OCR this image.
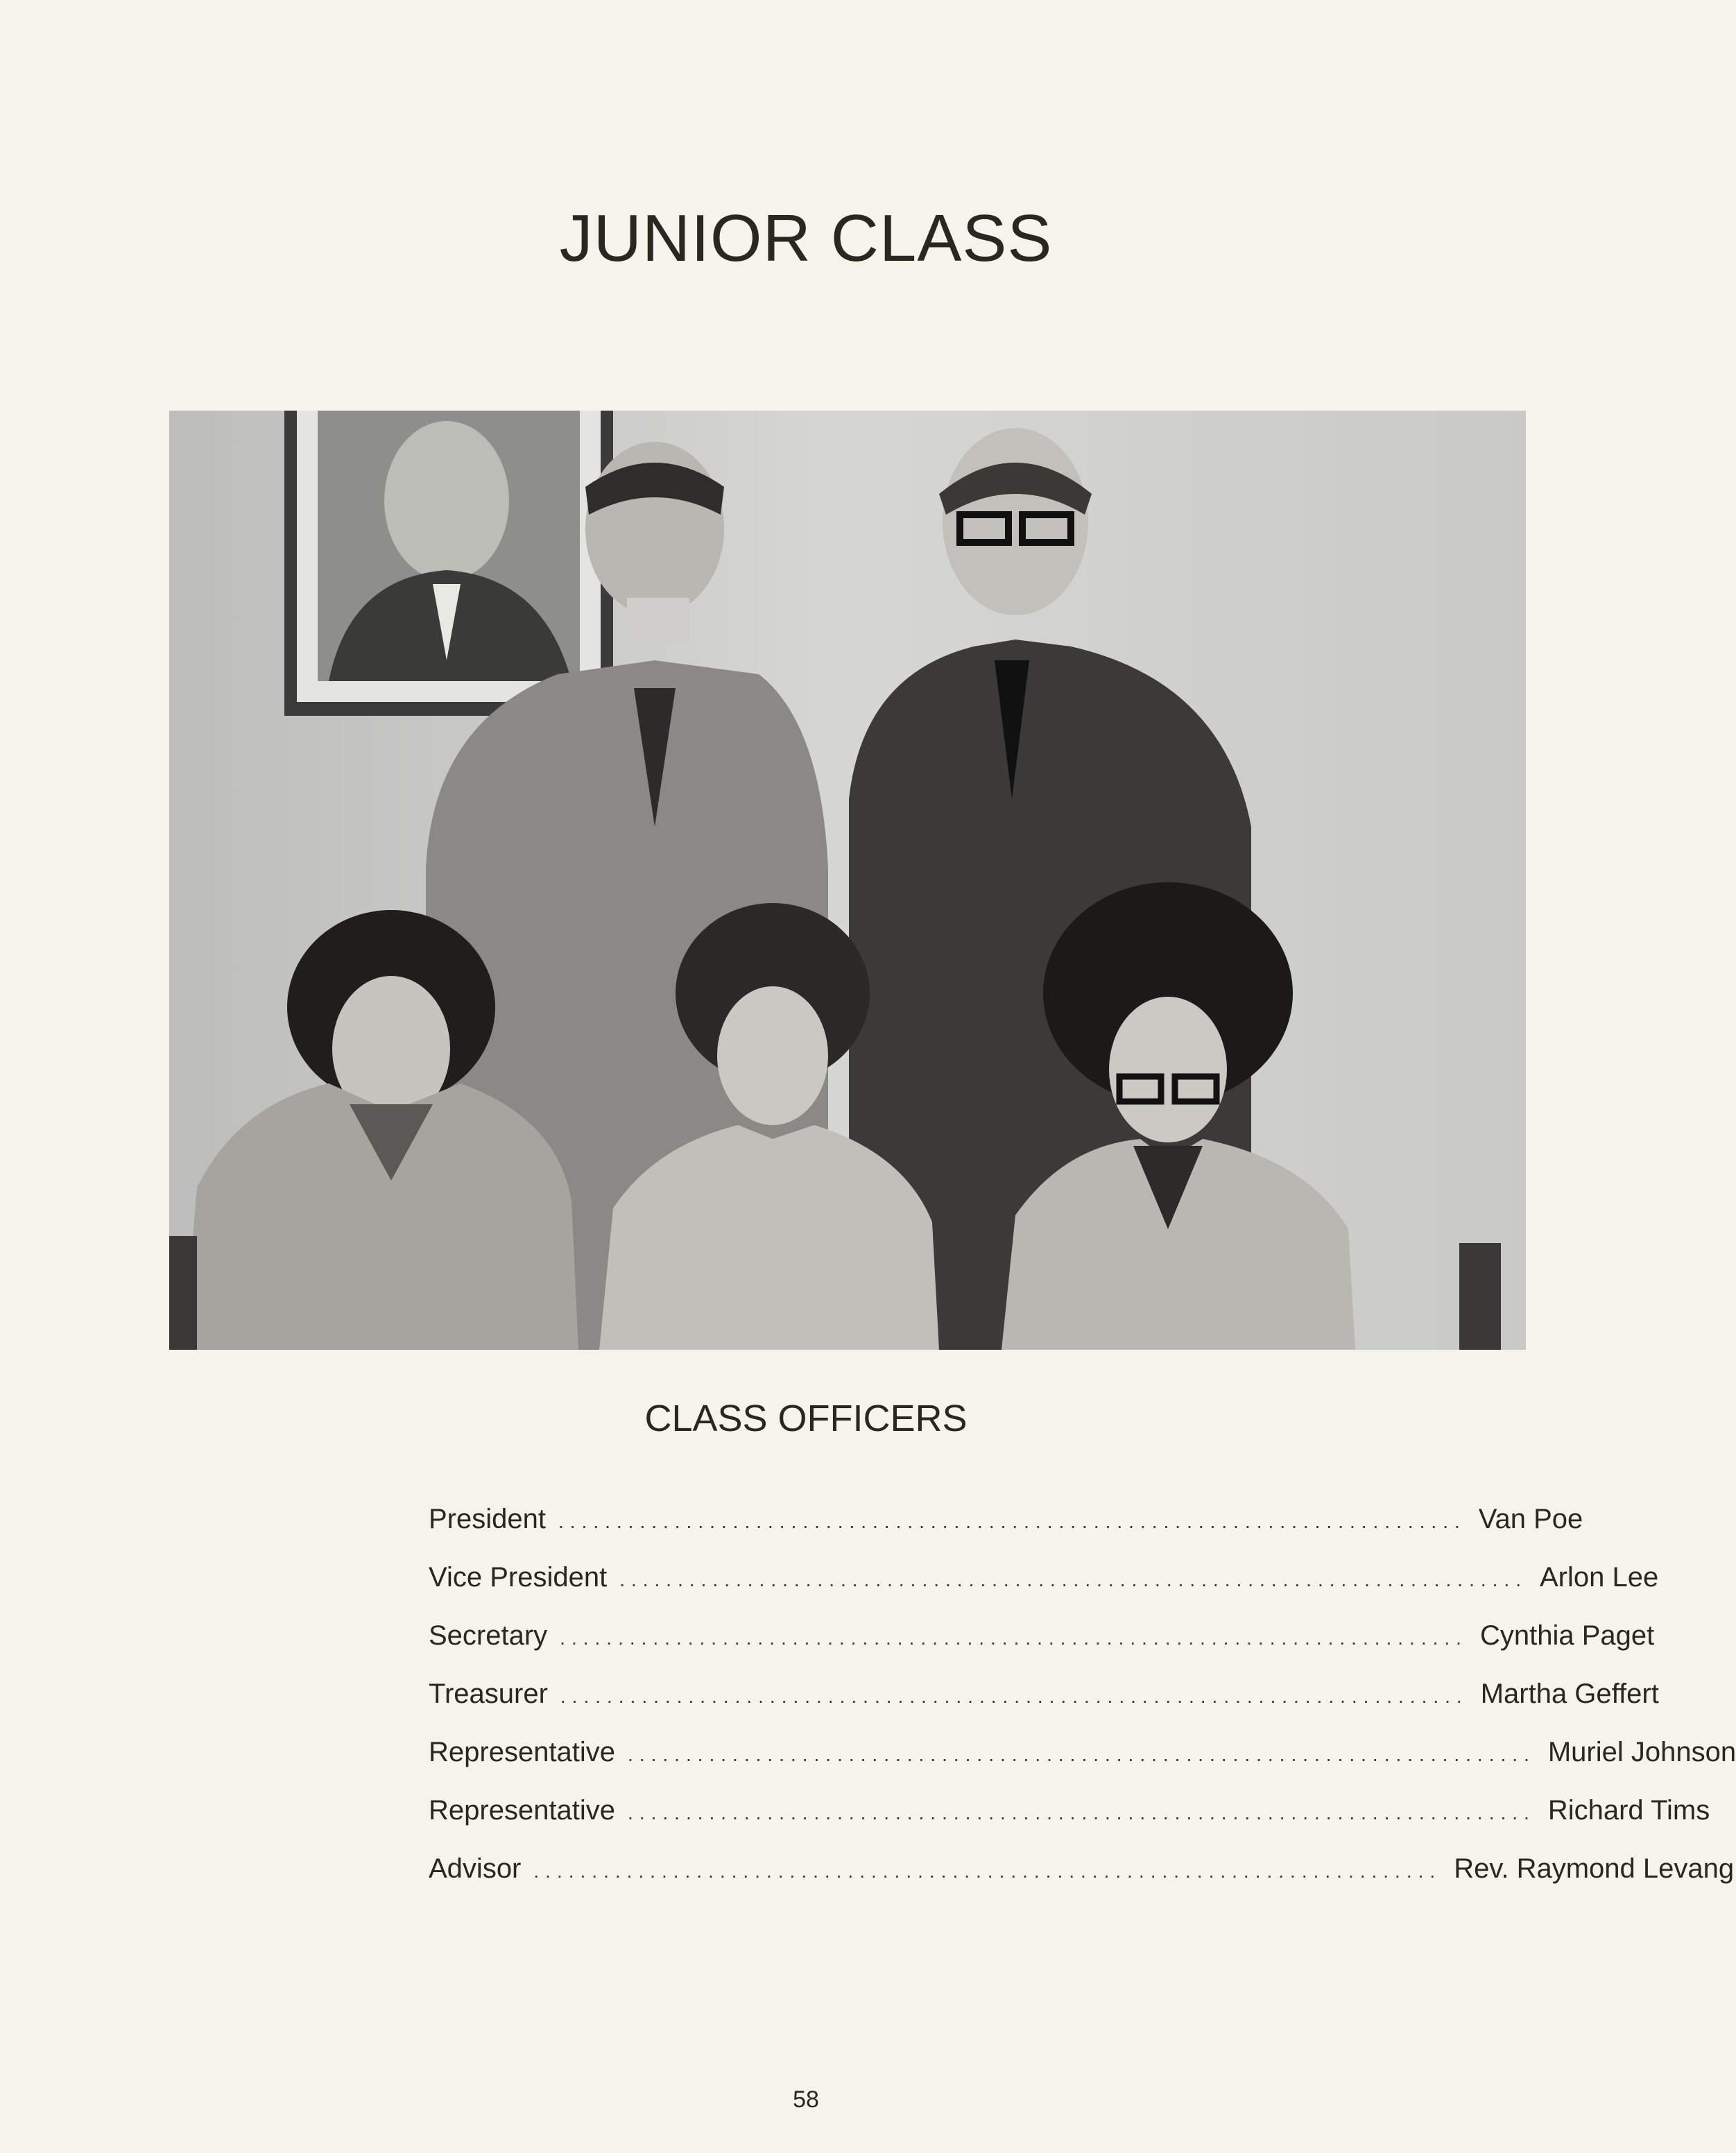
JUNIOR CLASS
CLASS OFFICERS
President .............................................................................. Van Poe
Vice President .............................................................................. Arlon Lee
Secretary .............................................................................. Cynthia Paget
Treasurer .............................................................................. Martha Geffert
Representative .............................................................................. Muriel Johnson
Representative .............................................................................. Richard Tims
Advisor .............................................................................. Rev. Raymond Levang
58
